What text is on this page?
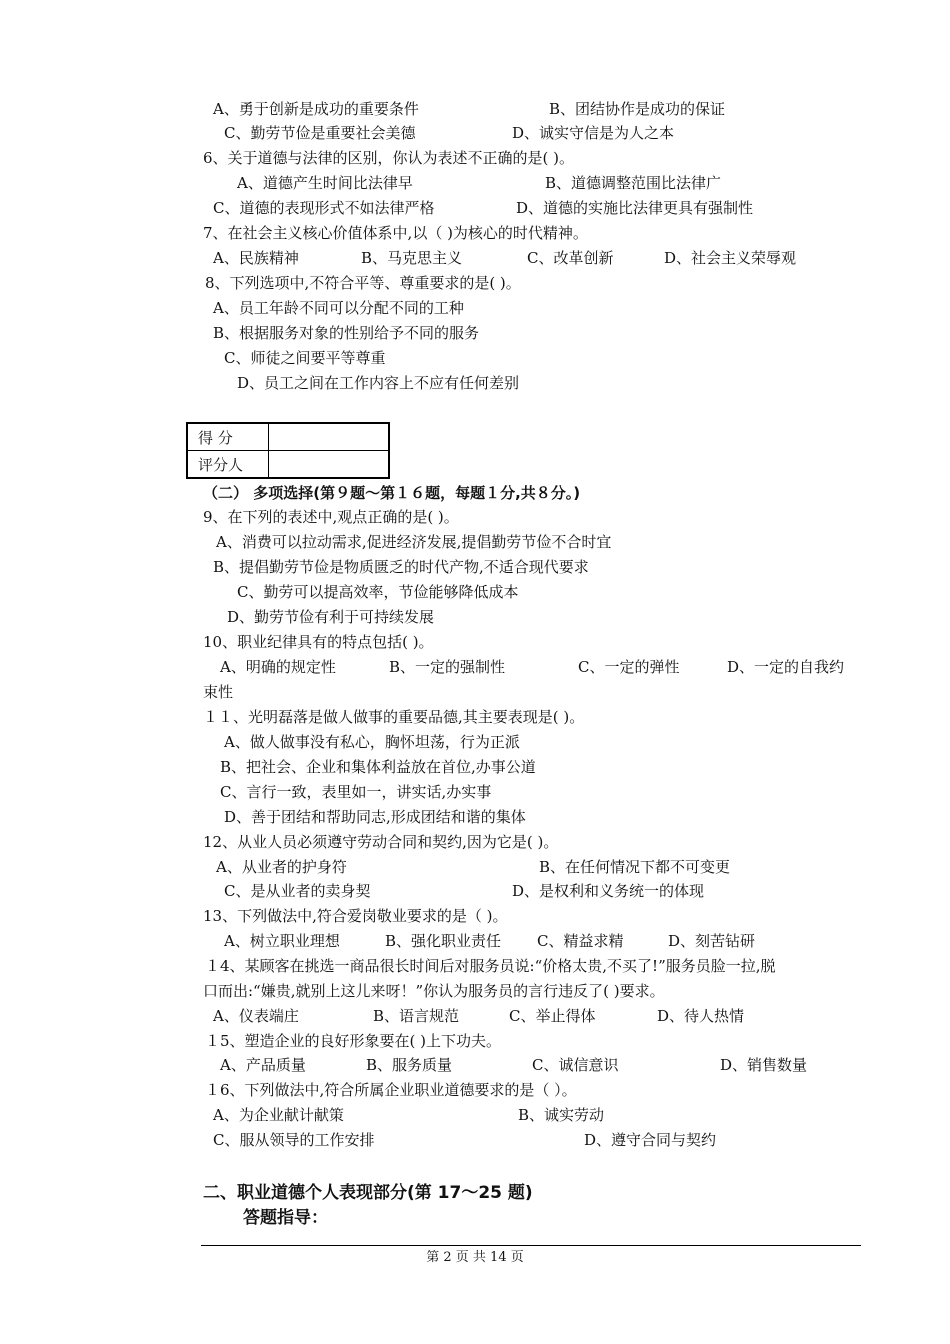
A、勇于创新是成功的重要条件	B、团结协作是成功的保证
C、勤劳节俭是重要社会美德	D、诚实守信是为人之本
6、关于道德与法律的区别，你认为表述不正确的是( )。
A、道德产生时间比法律早	B、道德调整范围比法律广
C、道德的表现形式不如法律严格	D、道德的实施比法律更具有强制性
7、在社会主义核心价值体系中,以（ )为核心的时代精神。
A、民族精神	B、马克思主义	C、改革创新	D、社会主义荣辱观
8、下列选项中,不符合平等、尊重要求的是( )。
A、员工年龄不同可以分配不同的工种
B、根据服务对象的性别给予不同的服务
C、师徒之间要平等尊重
D、员工之间在工作内容上不应有任何差别
（二） 多项选择(第９题～第１６题，每题１分,共８分。)
9、在下列的表述中,观点正确的是( )。
A、消费可以拉动需求,促进经济发展,提倡勤劳节俭不合时宜
B、提倡勤劳节俭是物质匮乏的时代产物,不适合现代要求
C、勤劳可以提高效率，节俭能够降低成本
D、勤劳节俭有利于可持续发展
10、职业纪律具有的特点包括( )。
A、明确的规定性	B、一定的强制性	C、一定的弹性	D、一定的自我约
束性
１１、光明磊落是做人做事的重要品德,其主要表现是( )。
A、做人做事没有私心，胸怀坦荡，行为正派
B、把社会、企业和集体利益放在首位,办事公道
C、言行一致，表里如一，讲实话,办实事
D、善于团结和帮助同志,形成团结和谐的集体
12、从业人员必须遵守劳动合同和契约,因为它是( )。
A、从业者的护身符	B、在任何情况下都不可变更
C、是从业者的卖身契	D、是权利和义务统一的体现
13、下列做法中,符合爱岗敬业要求的是（ )。
A、树立职业理想	B、强化职业责任 C、精益求精	D、刻苦钻研
１4、某顾客在挑选一商品很长时间后对服务员说:“价格太贵,不买了!”服务员脸一拉,脱
口而出:“嫌贵,就别上这儿来呀！”你认为服务员的言行违反了( )要求。
A、仪表端庄	B、语言规范	C、举止得体	D、待人热情
１5、塑造企业的良好形象要在( )上下功夫。
A、产品质量	B、服务质量	C、诚信意识	D、销售数量
１6、下列做法中,符合所属企业职业道德要求的是（ ）。
A、为企业献计献策	B、诚实劳动
C、服从领导的工作安排	D、遵守合同与契约
二、职业道德个人表现部分(第 17～25 题)
答题指导：
得 分	
评分人	
第 2 页 共 14 页
